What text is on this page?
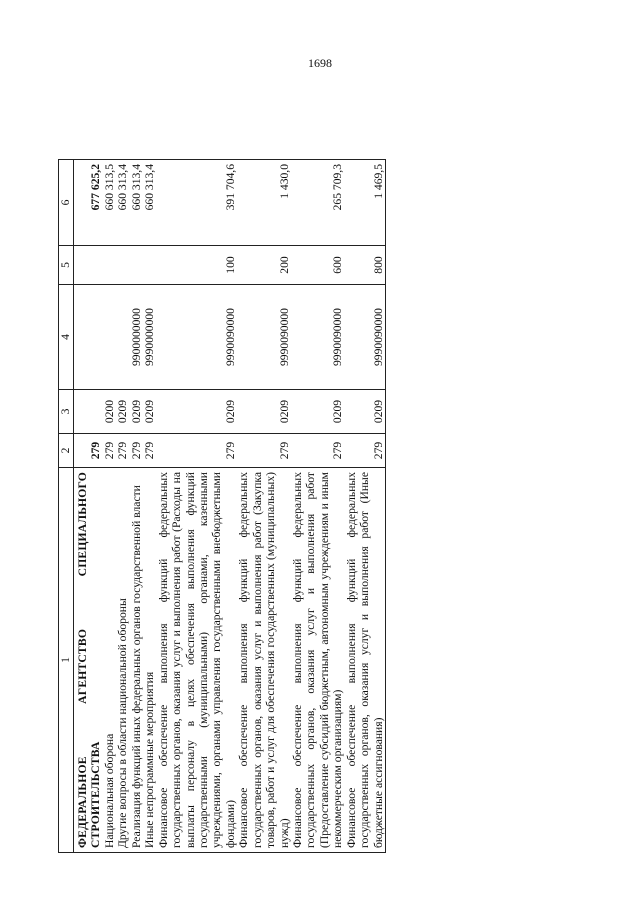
1698
1	2	3	4	5	6
ФЕДЕРАЛЬНОЕ АГЕНТСТВО СПЕЦИАЛЬНОГО СТРОИТЕЛЬСТВА	279				677 625,2
Национальная оборона	279	0200			660 313,5
Другие вопросы в области национальной обороны	279	0209			660 313,4
Реализация функций иных федеральных органов государственной власти	279	0209	9900000000		660 313,4
Иные непрограммные мероприятия	279	0209	9990000000		660 313,4
Финансовое обеспечение выполнения функций федеральных государственных органов, оказания услуг и выполнения работ (Расходы на выплаты персоналу в целях обеспечения выполнения функций государственными (муниципальными) органами, казенными учреждениями, органами управления государственными внебюджетными фондами)	279	0209	9990090000	100	391 704,6
Финансовое обеспечение выполнения функций федеральных государственных органов, оказания услуг и выполнения работ (Закупка товаров, работ и услуг для обеспечения государственных (муниципальных) нужд)	279	0209	9990090000	200	1 430,0
Финансовое обеспечение выполнения функций федеральных государственных органов, оказания услуг и выполнения работ (Предоставление субсидий бюджетным, автономным учреждениям и иным некоммерческим организациям)	279	0209	9990090000	600	265 709,3
Финансовое обеспечение выполнения функций федеральных государственных органов, оказания услуг и выполнения работ (Иные бюджетные ассигнования)	279	0209	9990090000	800	1 469,5
